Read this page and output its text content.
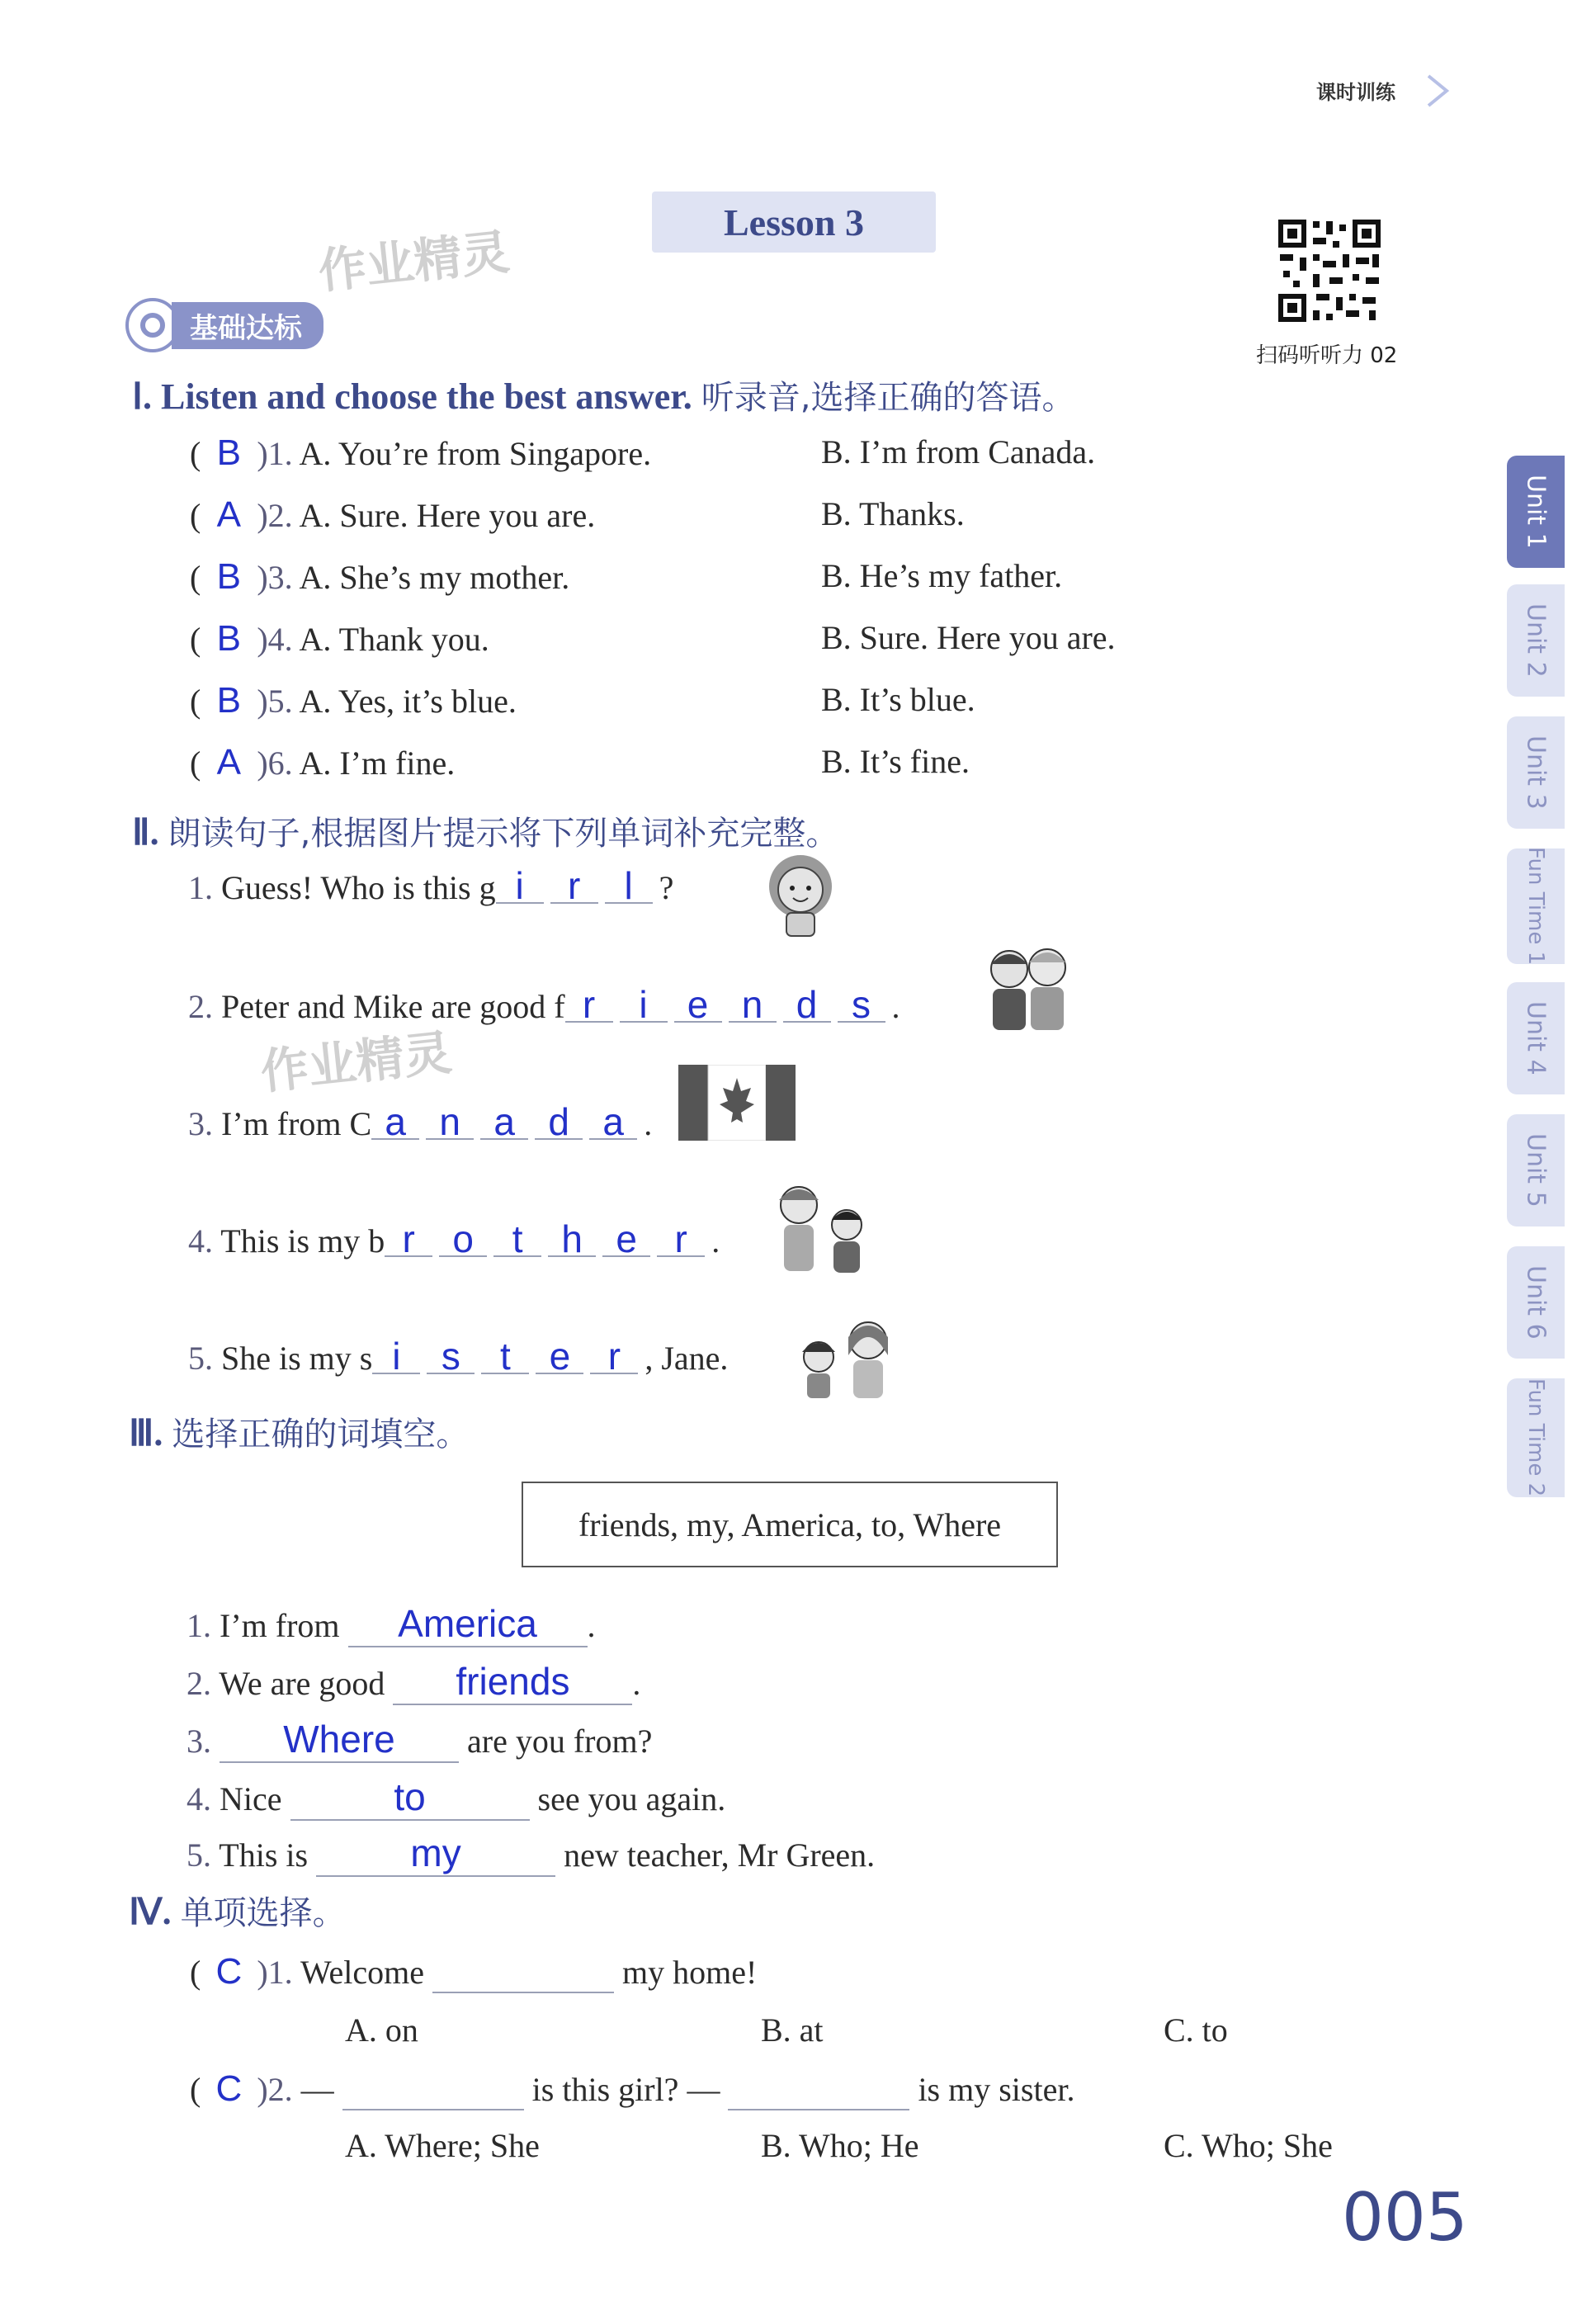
课时训练
Lesson 3
作业精灵
作业精灵
扫码听听力 02
基础达标
Ⅰ. Listen and choose the best answer. 听录音,选择正确的答语。
( B )1. A. You’re from Singapore.	B. I’m from Canada.
( A )2. A. Sure. Here you are.	B. Thanks.
( B )3. A. She’s my mother.	B. He’s my father.
( B )4. A. Thank you.	B. Sure. Here you are.
( B )5. A. Yes, it’s blue.	B. It’s blue.
( A )6. A. I’m fine.	B. It’s fine.
Ⅱ. 朗读句子,根据图片提示将下列单词补充完整。
1. Guess! Who is this g i r l ?
2. Peter and Mike are good f r i e n d s .
3. I’m from C a n a d a .
4. This is my b r o t h e r .
5. She is my s i s t e r , Jane.
Ⅲ. 选择正确的词填空。
friends, my, America, to, Where
1. I’m from America .
2. We are good friends .
3. Where are you from?
4. Nice	to	see you again.
5. This is	my	new teacher, Mr Green.
Ⅳ. 单项选择。
( C )1. Welcome	my home!
A. on	B. at	C. to
( C )2. —	is this girl? —	is my sister.
A. Where; She	B. Who; He	C. Who; She
005
Unit 1
Unit 2
Unit 3
Fun Time 1
Unit 4
Unit 5
Unit 6
Fun Time 2
